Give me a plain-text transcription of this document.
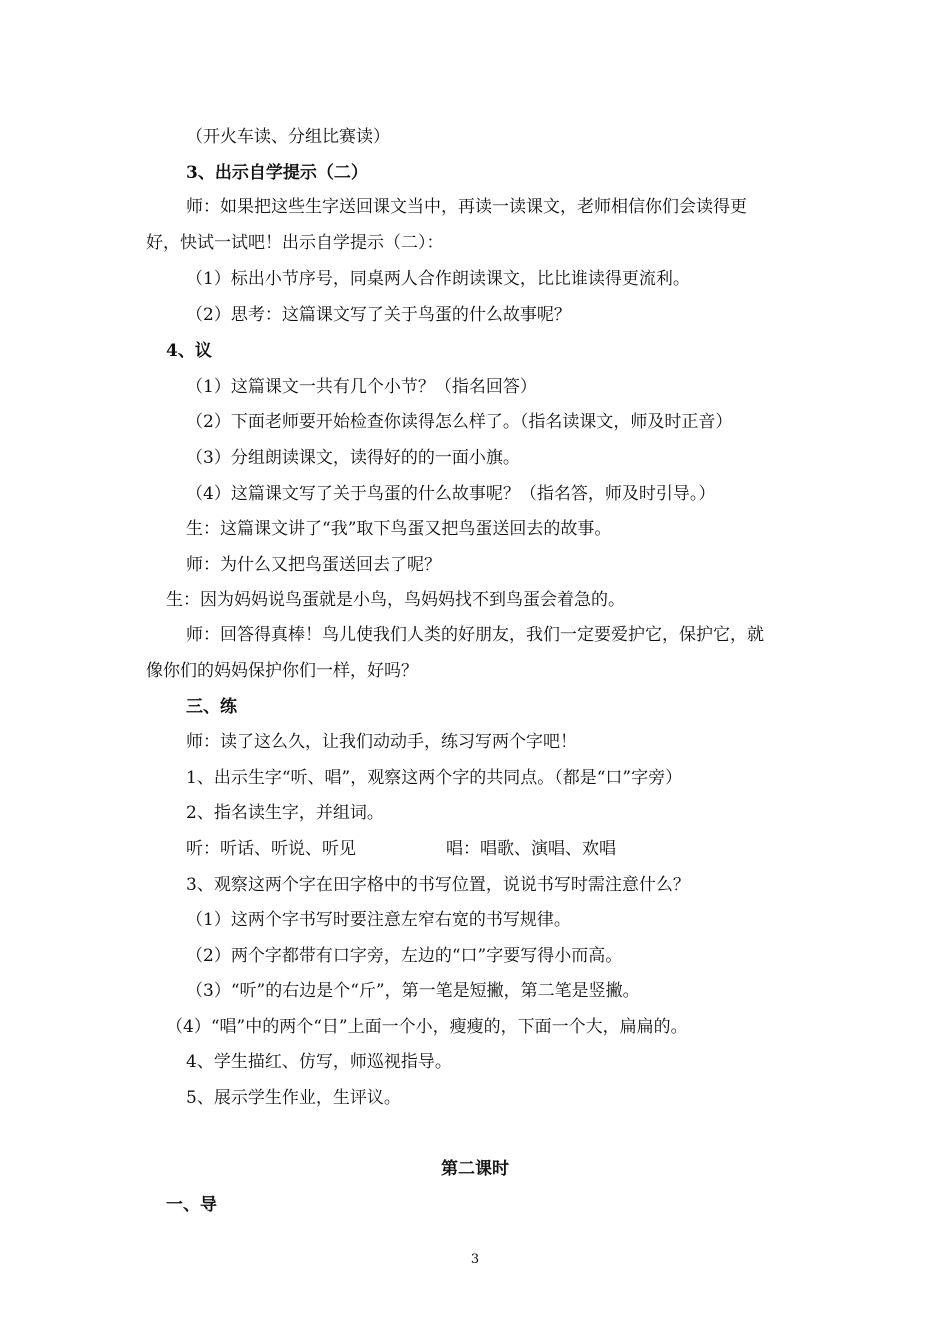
（开火车读、分组比赛读）
3、出示自学提示（二）
师：如果把这些生字送回课文当中，再读一读课文，老师相信你们会读得更
好，快试一试吧！出示自学提示（二）：
（1）标出小节序号，同桌两人合作朗读课文，比比谁读得更流利。
（2）思考：这篇课文写了关于鸟蛋的什么故事呢？
4、议
（1）这篇课文一共有几个小节？（指名回答）
（2）下面老师要开始检查你读得怎么样了。（指名读课文，师及时正音）
（3）分组朗读课文，读得好的的一面小旗。
（4）这篇课文写了关于鸟蛋的什么故事呢？（指名答，师及时引导。）
生：这篇课文讲了“我”取下鸟蛋又把鸟蛋送回去的故事。
师：为什么又把鸟蛋送回去了呢？
生：因为妈妈说鸟蛋就是小鸟，鸟妈妈找不到鸟蛋会着急的。
师：回答得真棒！鸟儿使我们人类的好朋友，我们一定要爱护它，保护它，就
像你们的妈妈保护你们一样，好吗？
三、练
师：读了这么久，让我们动动手，练习写两个字吧！
1、出示生字“听、唱”，观察这两个字的共同点。（都是“口”字旁）
2、指名读生字，并组词。
听：听话、听说、听见	唱：唱歌、演唱、欢唱
3、观察这两个字在田字格中的书写位置，说说书写时需注意什么？
（1）这两个字书写时要注意左窄右宽的书写规律。
（2）两个字都带有口字旁，左边的“口”字要写得小而高。
（3）“听”的右边是个“斤”，第一笔是短撇，第二笔是竖撇。
（4）“唱”中的两个“日”上面一个小，瘦瘦的，下面一个大，扁扁的。
4、学生描红、仿写，师巡视指导。
5、展示学生作业，生评议。
第二课时
一、导
3
